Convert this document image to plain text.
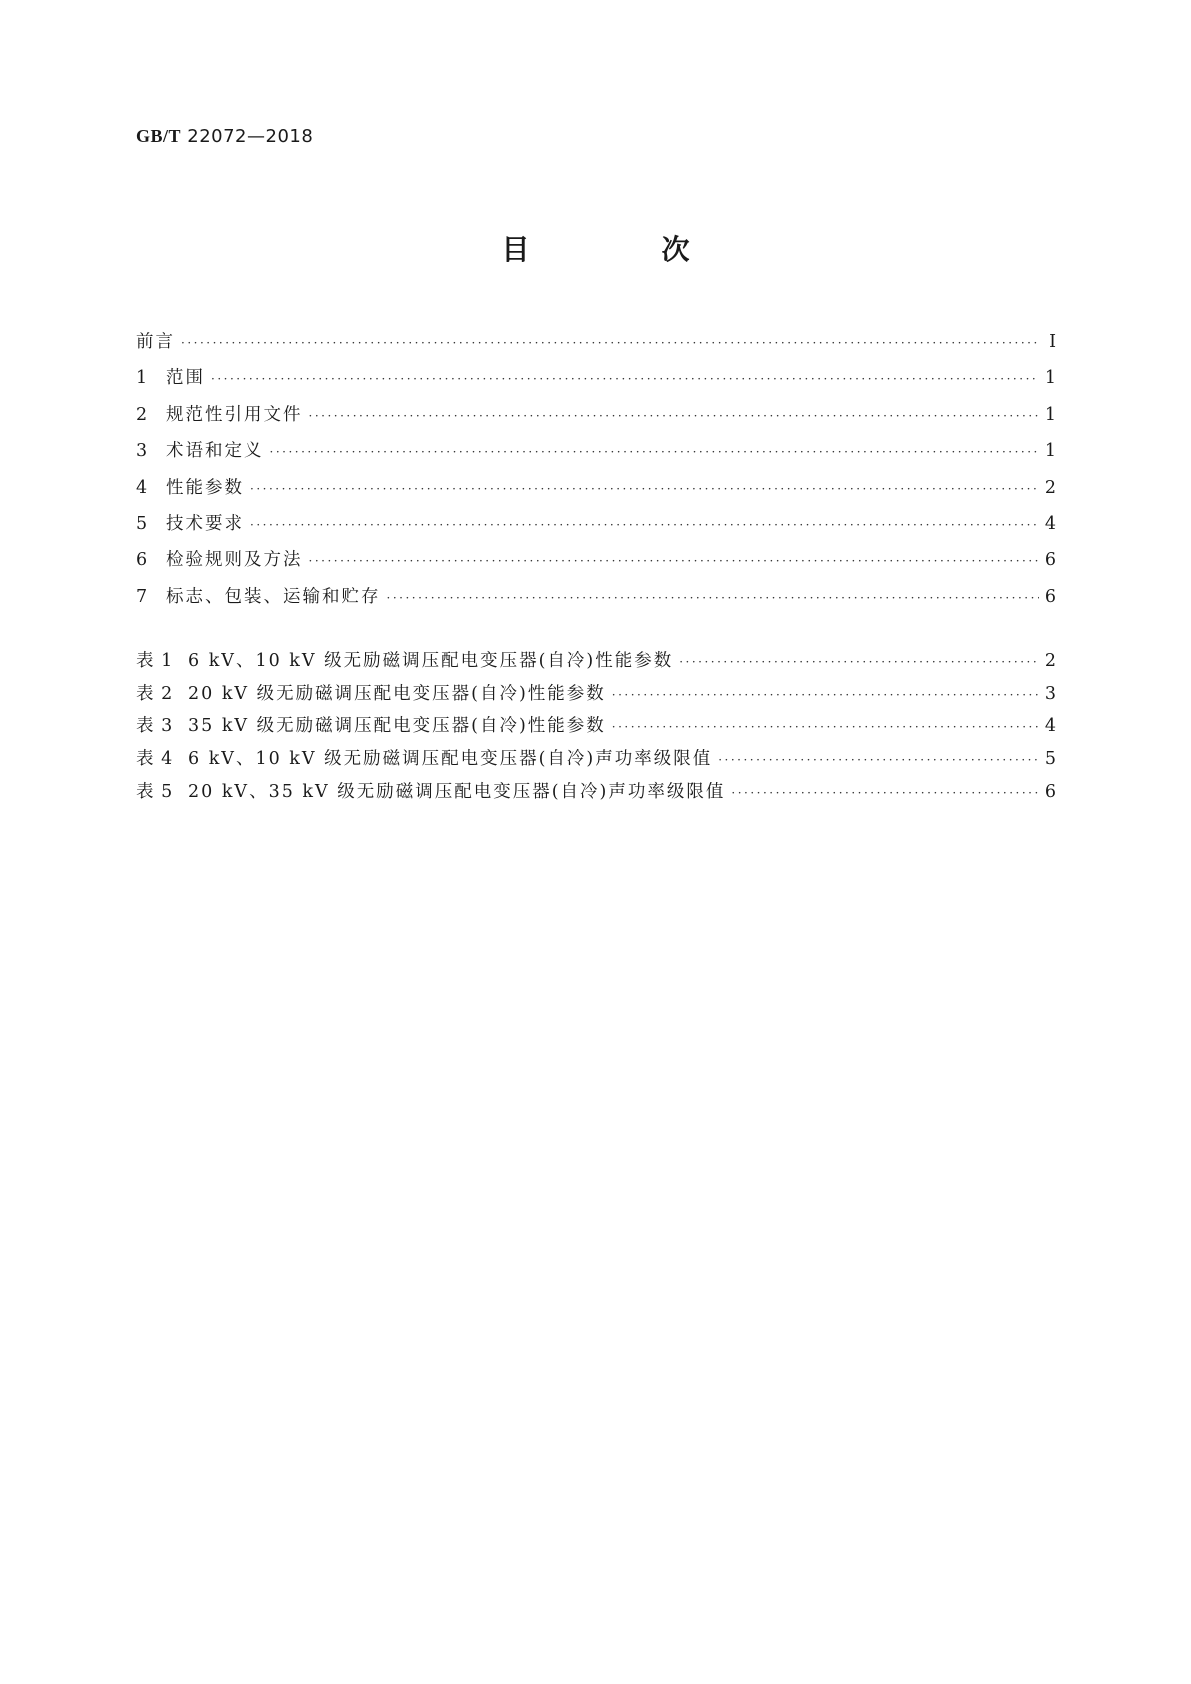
GB/T 22072—2018
目　次
前言 ·····	Ⅰ
1	范围 ·····	1
2	规范性引用文件 ·····	1
3	术语和定义 ·····	1
4	性能参数 ·····	2
5	技术要求 ·····	4
6	检验规则及方法 ·····	6
7	标志、包装、运输和贮存 ·····	6
表 1 6 kV、10 kV 级无励磁调压配电变压器(自冷)性能参数 ·····	2
表 2 20 kV 级无励磁调压配电变压器(自冷)性能参数 ·····	3
表 3 35 kV 级无励磁调压配电变压器(自冷)性能参数 ·····	4
表 4 6 kV、10 kV 级无励磁调压配电变压器(自冷)声功率级限值 ·····	5
表 5 20 kV、35 kV 级无励磁调压配电变压器(自冷)声功率级限值 ·····	6
